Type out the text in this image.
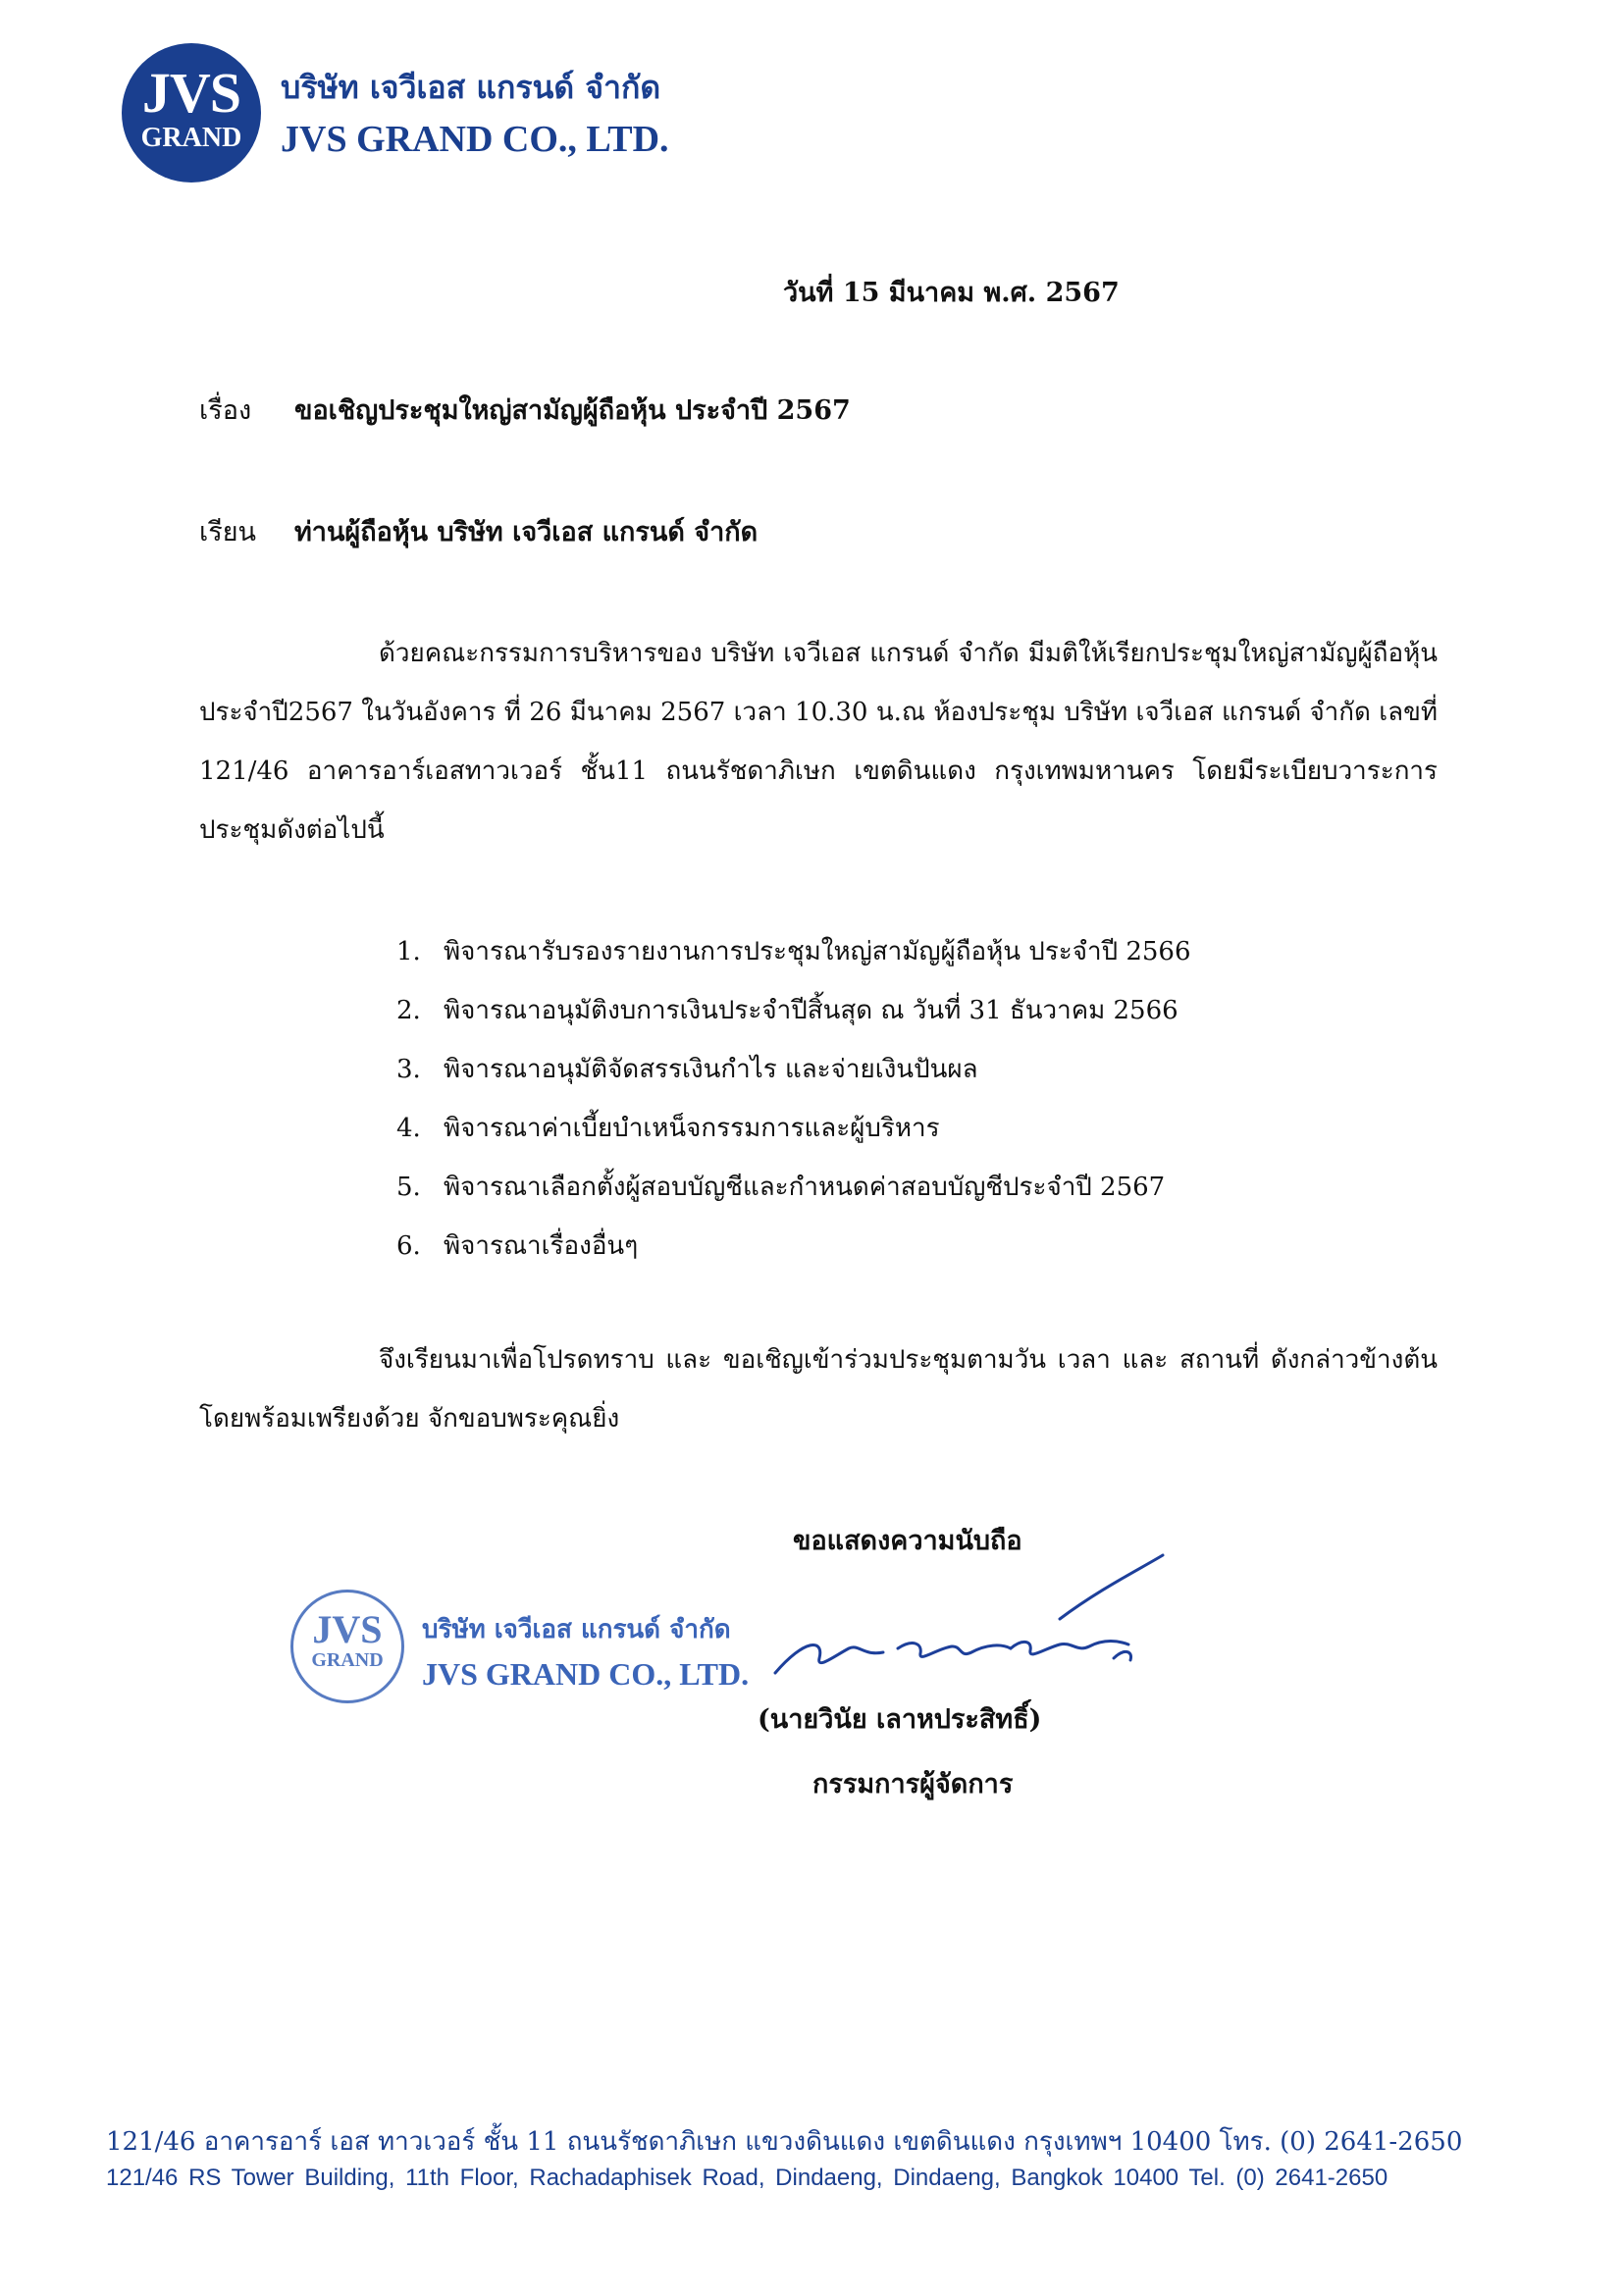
JVS
GRAND
บริษัท เจวีเอส แกรนด์ จำกัด
JVS GRAND CO., LTD.
วันที่ 15 มีนาคม พ.ศ. 2567
เรื่อง ขอเชิญประชุมใหญ่สามัญผู้ถือหุ้น ประจำปี 2567
เรียน ท่านผู้ถือหุ้น บริษัท เจวีเอส แกรนด์ จำกัด
ด้วยคณะกรรมการบริหารของ บริษัท เจวีเอส แกรนด์ จำกัด มีมติให้เรียกประชุมใหญ่สามัญผู้ถือหุ้นประจำปี2567 ในวันอังคาร ที่ 26 มีนาคม 2567 เวลา 10.30 น.ณ ห้องประชุม บริษัท เจวีเอส แกรนด์ จำกัด เลขที่ 121/46 อาคารอาร์เอสทาวเวอร์ ชั้น11 ถนนรัชดาภิเษก เขตดินแดง กรุงเทพมหานคร โดยมีระเบียบวาระการประชุมดังต่อไปนี้
1. พิจารณารับรองรายงานการประชุมใหญ่สามัญผู้ถือหุ้น ประจำปี 2566
2. พิจารณาอนุมัติงบการเงินประจำปีสิ้นสุด ณ วันที่ 31 ธันวาคม 2566
3. พิจารณาอนุมัติจัดสรรเงินกำไร และจ่ายเงินปันผล
4. พิจารณาค่าเบี้ยบำเหน็จกรรมการและผู้บริหาร
5. พิจารณาเลือกตั้งผู้สอบบัญชีและกำหนดค่าสอบบัญชีประจำปี 2567
6. พิจารณาเรื่องอื่นๆ
จึงเรียนมาเพื่อโปรดทราบ และ ขอเชิญเข้าร่วมประชุมตามวัน เวลา และ สถานที่ ดังกล่าวข้างต้น โดยพร้อมเพรียงด้วย จักขอบพระคุณยิ่ง
ขอแสดงความนับถือ
JVS
GRAND
บริษัท เจวีเอส แกรนด์ จำกัด
JVS GRAND CO., LTD.
(นายวินัย เลาหประสิทธิ์)
กรรมการผู้จัดการ
121/46 อาคารอาร์ เอส ทาวเวอร์ ชั้น 11 ถนนรัชดาภิเษก แขวงดินแดง เขตดินแดง กรุงเทพฯ 10400 โทร. (0) 2641-2650
121/46 RS Tower Building, 11th Floor, Rachadaphisek Road, Dindaeng, Dindaeng, Bangkok 10400 Tel. (0) 2641-2650
